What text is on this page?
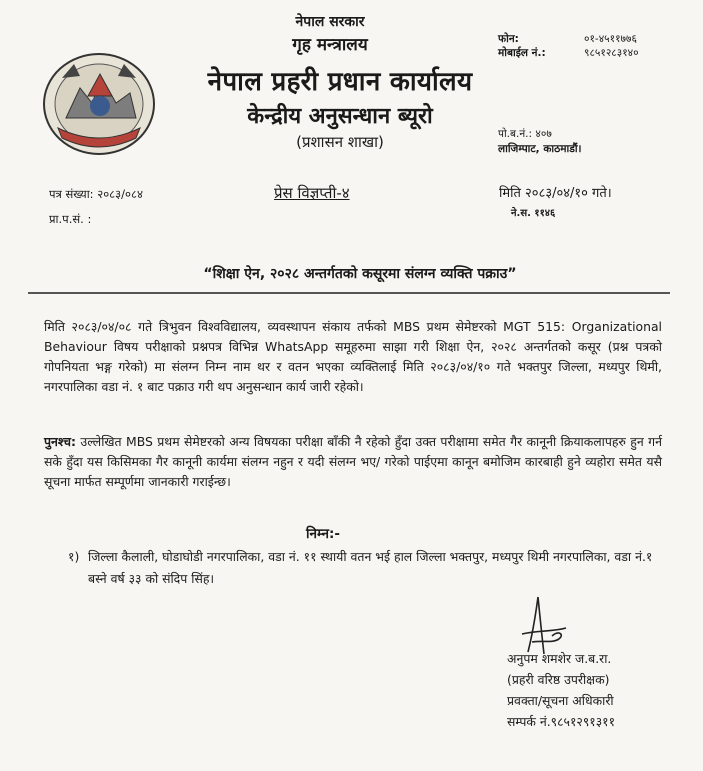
नेपाल सरकार
गृह मन्त्रालय
नेपाल प्रहरी प्रधान कार्यालय
केन्द्रीय अनुसन्धान ब्यूरो
(प्रशासन शाखा)
फोन:	०१-४५११७७६
मोबाईल नं.:	९८५१२८३१४०
पो.ब.नं.: ४०७
लाजिम्पाट, काठमाडौं।
पत्र संख्या: २०८३/०८४
प्रा.प.सं. :
प्रेस विज्ञप्ती-४	मिति २०८३/०४/१० गते।
ने.स. ११४६
“शिक्षा ऐन, २०२८ अन्तर्गतको कसूरमा संलग्न व्यक्ति पक्राउ”
मिति २०८३/०४/०८ गते त्रिभुवन विश्वविद्यालय, व्यवस्थापन संकाय तर्फको MBS प्रथम सेमेष्टरको MGT 515: Organizational Behaviour विषय परीक्षाको प्रश्नपत्र विभिन्न WhatsApp समूहरुमा साझा गरी शिक्षा ऐन, २०२८ अन्तर्गतको कसूर (प्रश्न पत्रको गोपनियता भङ्ग गरेको) मा संलग्न निम्न नाम थर र वतन भएका व्यक्तिलाई मिति २०८३/०४/१० गते भक्तपुर जिल्ला, मध्यपुर थिमी, नगरपालिका वडा नं. १ बाट पक्राउ गरी थप अनुसन्धान कार्य जारी रहेको।
पुनश्च: उल्लेखित MBS प्रथम सेमेष्टरको अन्य विषयका परीक्षा बाँकी नै रहेको हुँदा उक्त परीक्षामा समेत गैर कानूनी क्रियाकलापहरु हुन गर्न सके हुँदा यस किसिमका गैर कानूनी कार्यमा संलग्न नहुन र यदी संलग्न भए/ गरेको पाईएमा कानून बमोजिम कारबाही हुने व्यहोरा समेत यसै सूचना मार्फत सम्पूर्णमा जानकारी गराईन्छ।
निम्न:-
१) जिल्ला कैलाली, घोडाघोडी नगरपालिका, वडा नं. ११ स्थायी वतन भई हाल जिल्ला भक्तपुर, मध्यपुर थिमी नगरपालिका, वडा नं.१ बस्ने वर्ष ३३ को संदिप सिंह।
अनुपम शमशेर ज.ब.रा.
(प्रहरी वरिष्ठ उपरीक्षक)
प्रवक्ता/सूचना अधिकारी
सम्पर्क नं.९८५१२९१३११
